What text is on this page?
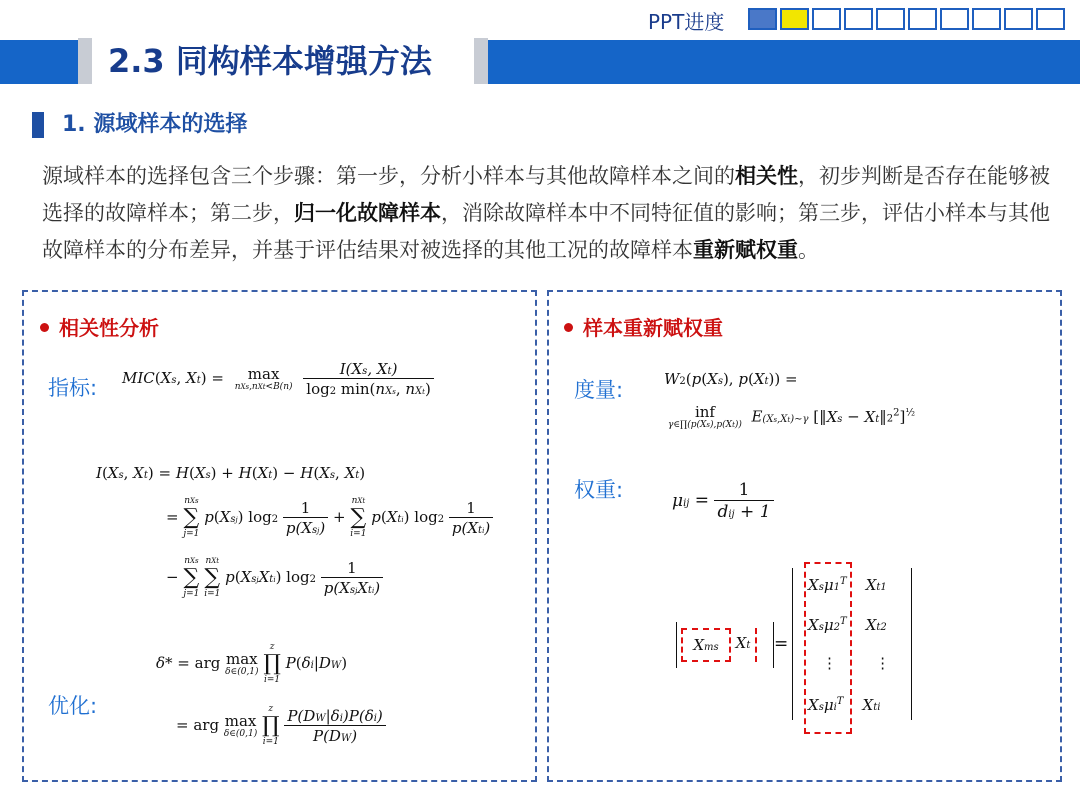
PPT进度
2.3 同构样本增强方法
1. 源域样本的选择
源域样本的选择包含三个步骤：第一步，分析小样本与其他故障样本之间的相关性，初步判断是否存在能够被选择的故障样本；第二步，归一化故障样本，消除故障样本中不同特征值的影响；第三步，评估小样本与其他故障样本的分布差异，并基于评估结果对被选择的其他工况的故障样本重新赋权重。
相关性分析
指标: MIC(Xs, Xt) =	max
nXs,nXt<B(n)
$\frac{I(Xs, Xt)}{\text{log2 min(nXs, nXt)}}$
I(Xs, Xt) = H(Xs) + H(Xt) − H(Xs, Xt)
=
nXs
∑
j=1
p(Xsj) $\log 2 \frac{1}{\text{p(Xsj)}}$ +
nXt
∑
i=1
p(Xti) $\log 2 \frac{1}{\text{p(Xti)}}$
−
nXs
∑
j=1

nXt
∑
i=1
p(XsjXti) $\log 2 \frac{1}{\text{p(XsjXti)}}$
优化:
δ* = arg max
δ∈(0,1)

z
∏
i=1
P(δi|DW)
= arg max
δ∈(0,1)

z
∏
i=1
$\frac{P(DW|\delta i)P(\delta i)}{P(DW)}$
样本重新赋权重
度量:	W2(p(Xs), p(Xt)) =
inf
γ∈∏(p(Xs),p(Xt)) E(Xs,Xt)∼γ [‖Xs − $Xt‖2^2]^{\frac{1}{2}}$
权重:	$\mu ij = \frac{1}{\text{dij + 1}}$
Xms	Xt	=
$Xs\mu 1^T$ Xt1
$Xs\mu 2^T$ Xt2
⋮        ⋮
Xsμi$^T$ Xti
